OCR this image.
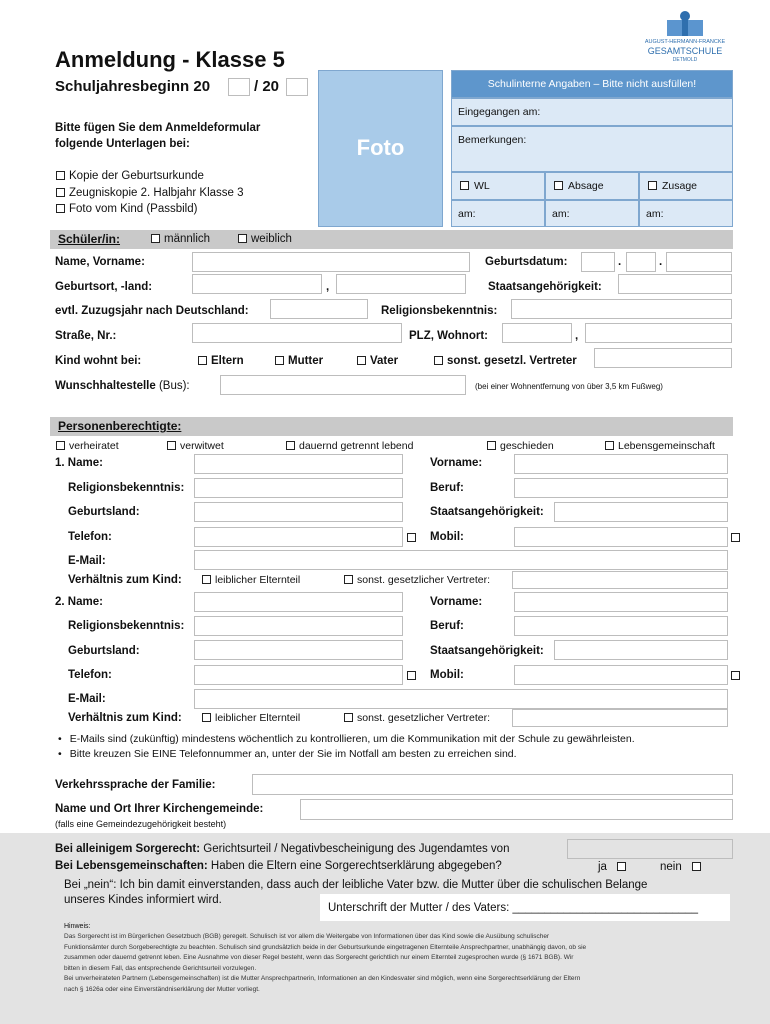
AUGUST-HERMANN-FRANCKE
GESAMTSCHULE
DETMOLD
Anmeldung - Klasse 5
Schuljahresbeginn 20	/ 20
Bitte fügen Sie dem Anmeldeformular
folgende Unterlagen bei:
Kopie der Geburtsurkunde
Zeugniskopie 2. Halbjahr Klasse 3
Foto vom Kind (Passbild)
Foto
Schulinterne Angaben – Bitte nicht ausfüllen!
Eingegangen am:
Bemerkungen:
WL	Absage	Zusage
am:	am:	am:
Schüler/in:	männlich	weiblich
Name, Vorname:	Geburtsdatum:	.	.
Geburtsort, -land:	,	Staatsangehörigkeit:
evtl. Zuzugsjahr nach Deutschland:	Religionsbekenntnis:
Straße, Nr.:	PLZ, Wohnort:	,
Kind wohnt bei:	Eltern	Mutter	Vater	sonst. gesetzl. Vertreter
Wunschhaltestelle (Bus):	(bei einer Wohnentfernung von über 3,5 km Fußweg)
Personenberechtigte:
verheiratet	verwitwet	dauernd getrennt lebend	geschieden	Lebensgemeinschaft
1. Name:	Vorname:
Religionsbekenntnis:	Beruf:
Geburtsland:	Staatsangehörigkeit:
Telefon:	Mobil:
E-Mail:
Verhältnis zum Kind:	leiblicher Elternteil	sonst. gesetzlicher Vertreter:
2. Name:	Vorname:
Religionsbekenntnis:	Beruf:
Geburtsland:	Staatsangehörigkeit:
Telefon:	Mobil:
E-Mail:
Verhältnis zum Kind:	leiblicher Elternteil	sonst. gesetzlicher Vertreter:
• E-Mails sind (zukünftig) mindestens wöchentlich zu kontrollieren, um die Kommunikation mit der Schule zu gewährleisten.
• Bitte kreuzen Sie EINE Telefonnummer an, unter der Sie im Notfall am besten zu erreichen sind.
Verkehrssprache der Familie:
Name und Ort Ihrer Kirchengemeinde:
(falls eine Gemeindezugehörigkeit besteht)
Bei alleinigem Sorgerecht: Gerichtsurteil / Negativbescheinigung des Jugendamtes von
Bei Lebensgemeinschaften: Haben die Eltern eine Sorgerechtserklärung abgegeben?	ja	nein
Bei „nein“: Ich bin damit einverstanden, dass auch der leibliche Vater bzw. die Mutter über die schulischen Belange
unseres Kindes informiert wird.
Unterschrift der Mutter / des Vaters: _____________________________
Hinweis:
Das Sorgerecht ist im Bürgerlichen Gesetzbuch (BGB) geregelt. Schulisch ist vor allem die Weitergabe von Informationen über das Kind sowie die Ausübung schulischer
Funktionsämter durch Sorgeberechtigte zu beachten. Schulisch sind grundsätzlich beide in der Geburtsurkunde eingetragenen Elternteile Ansprechpartner, unabhängig davon, ob sie
zusammen oder dauernd getrennt leben. Eine Ausnahme von dieser Regel besteht, wenn das Sorgerecht gerichtlich nur einem Elternteil zugesprochen wurde (§ 1671 BGB). Wir
bitten in diesem Fall, das entsprechende Gerichtsurteil vorzulegen.
Bei unverheirateten Partnern (Lebensgemeinschaften) ist die Mutter Ansprechpartnerin, Informationen an den Kindesvater sind möglich, wenn eine Sorgerechtserklärung der Eltern
nach § 1626a oder eine Einverständniserklärung der Mutter vorliegt.
